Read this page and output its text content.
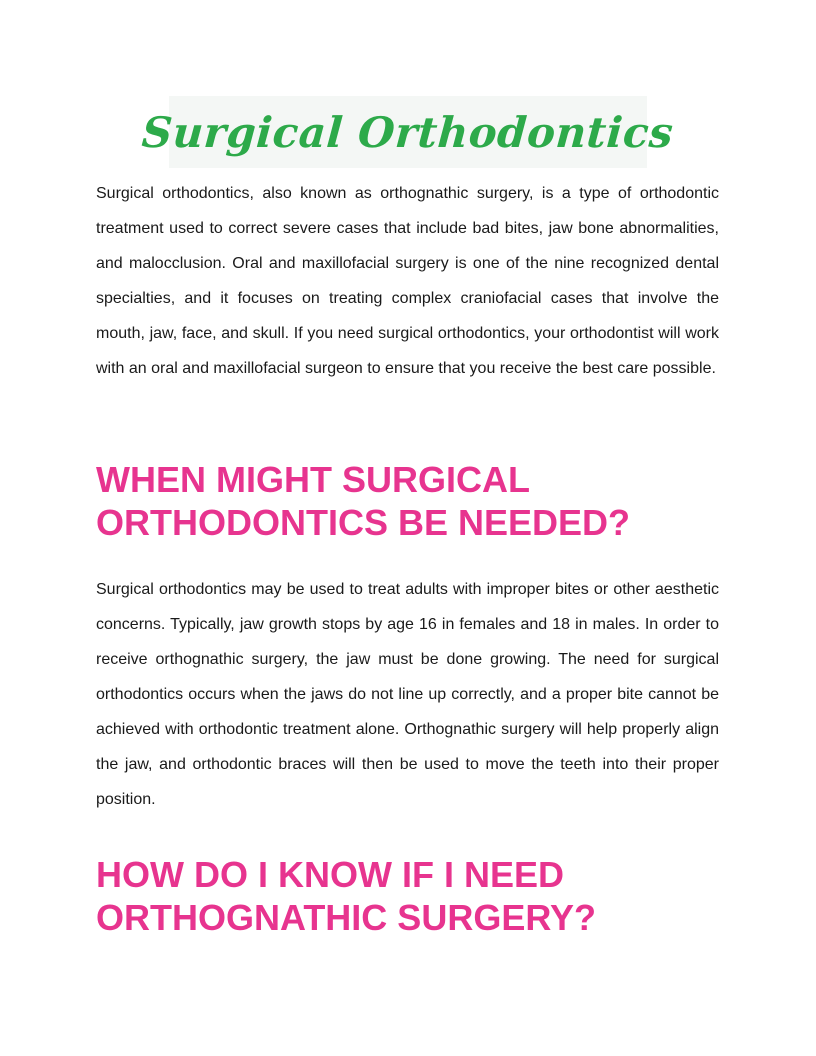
Surgical Orthodontics

Surgical orthodontics, also known as orthognathic surgery, is a type of orthodontic treatment used to correct severe cases that include bad bites, jaw bone abnormalities, and malocclusion. Oral and maxillofacial surgery is one of the nine recognized dental specialties, and it focuses on treating complex craniofacial cases that involve the mouth, jaw, face, and skull. If you need surgical orthodontics, your orthodontist will work with an oral and maxillofacial surgeon to ensure that you receive the best care possible.

WHEN MIGHT SURGICAL
ORTHODONTICS BE NEEDED?

Surgical orthodontics may be used to treat adults with improper bites or other aesthetic concerns. Typically, jaw growth stops by age 16 in females and 18 in males. In order to receive orthognathic surgery, the jaw must be done growing. The need for surgical orthodontics occurs when the jaws do not line up correctly, and a proper bite cannot be achieved with orthodontic treatment alone. Orthognathic surgery will help properly align the jaw, and orthodontic braces will then be used to move the teeth into their proper position.

HOW DO I KNOW IF I NEED
ORTHOGNATHIC SURGERY?
